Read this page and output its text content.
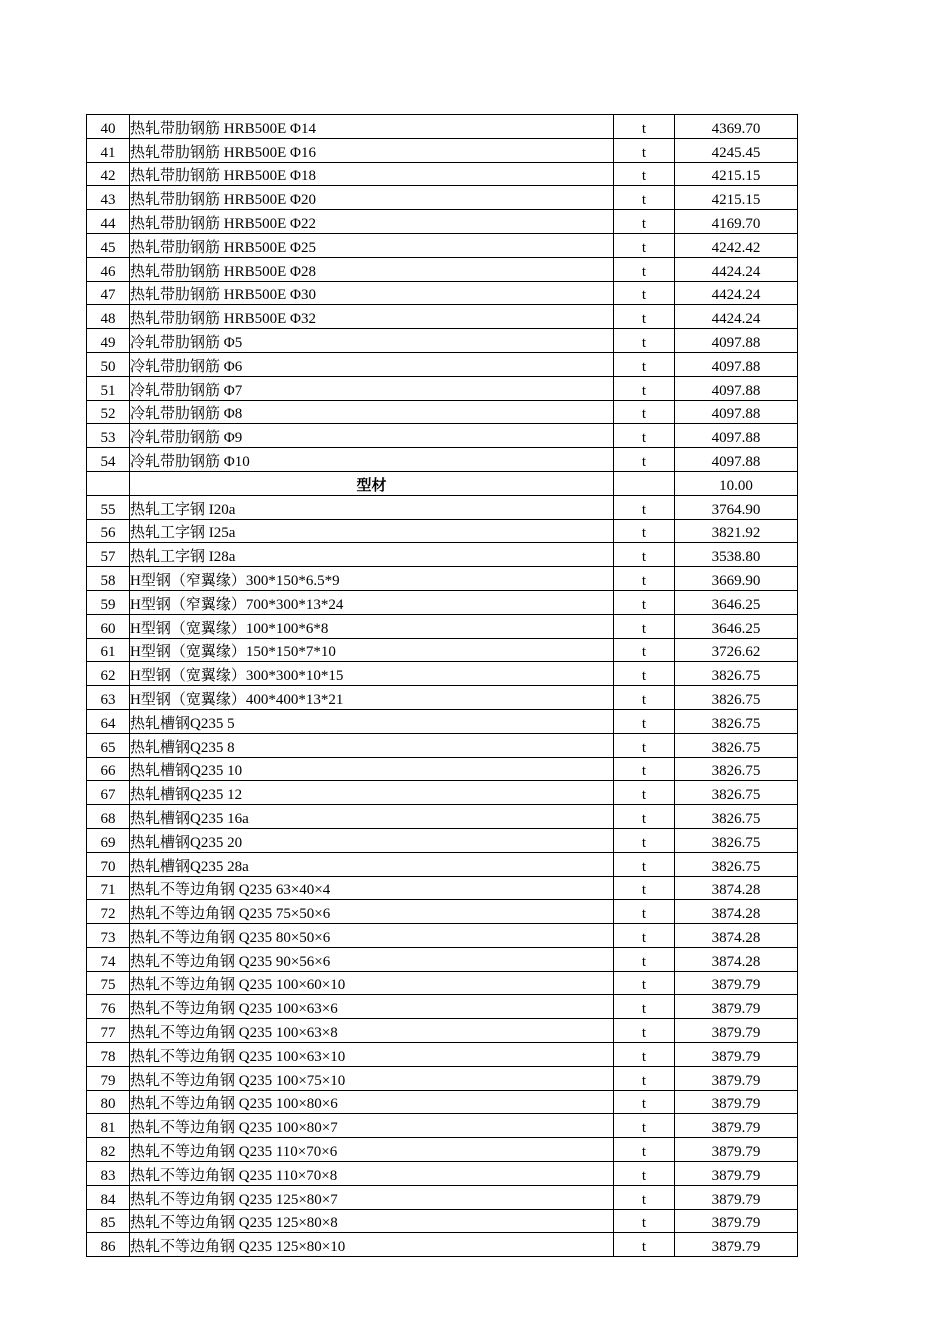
40	热轧带肋钢筋 HRB500E Φ14	t	4369.70
41	热轧带肋钢筋 HRB500E Φ16	t	4245.45
42	热轧带肋钢筋 HRB500E Φ18	t	4215.15
43	热轧带肋钢筋 HRB500E Φ20	t	4215.15
44	热轧带肋钢筋 HRB500E Φ22	t	4169.70
45	热轧带肋钢筋 HRB500E Φ25	t	4242.42
46	热轧带肋钢筋 HRB500E Φ28	t	4424.24
47	热轧带肋钢筋 HRB500E Φ30	t	4424.24
48	热轧带肋钢筋 HRB500E Φ32	t	4424.24
49	冷轧带肋钢筋 Φ5	t	4097.88
50	冷轧带肋钢筋 Φ6	t	4097.88
51	冷轧带肋钢筋 Φ7	t	4097.88
52	冷轧带肋钢筋 Φ8	t	4097.88
53	冷轧带肋钢筋 Φ9	t	4097.88
54	冷轧带肋钢筋 Φ10	t	4097.88
	型材		10.00
55	热轧工字钢 I20a	t	3764.90
56	热轧工字钢 I25a	t	3821.92
57	热轧工字钢 I28a	t	3538.80
58	H型钢（窄翼缘）300*150*6.5*9	t	3669.90
59	H型钢（窄翼缘）700*300*13*24	t	3646.25
60	H型钢（宽翼缘）100*100*6*8	t	3646.25
61	H型钢（宽翼缘）150*150*7*10	t	3726.62
62	H型钢（宽翼缘）300*300*10*15	t	3826.75
63	H型钢（宽翼缘）400*400*13*21	t	3826.75
64	热轧槽钢Q235 5	t	3826.75
65	热轧槽钢Q235 8	t	3826.75
66	热轧槽钢Q235 10	t	3826.75
67	热轧槽钢Q235 12	t	3826.75
68	热轧槽钢Q235 16a	t	3826.75
69	热轧槽钢Q235 20	t	3826.75
70	热轧槽钢Q235 28a	t	3826.75
71	热轧不等边角钢 Q235 63×40×4	t	3874.28
72	热轧不等边角钢 Q235 75×50×6	t	3874.28
73	热轧不等边角钢 Q235 80×50×6	t	3874.28
74	热轧不等边角钢 Q235 90×56×6	t	3874.28
75	热轧不等边角钢 Q235 100×60×10	t	3879.79
76	热轧不等边角钢 Q235 100×63×6	t	3879.79
77	热轧不等边角钢 Q235 100×63×8	t	3879.79
78	热轧不等边角钢 Q235 100×63×10	t	3879.79
79	热轧不等边角钢 Q235 100×75×10	t	3879.79
80	热轧不等边角钢 Q235 100×80×6	t	3879.79
81	热轧不等边角钢 Q235 100×80×7	t	3879.79
82	热轧不等边角钢 Q235 110×70×6	t	3879.79
83	热轧不等边角钢 Q235 110×70×8	t	3879.79
84	热轧不等边角钢 Q235 125×80×7	t	3879.79
85	热轧不等边角钢 Q235 125×80×8	t	3879.79
86	热轧不等边角钢 Q235 125×80×10	t	3879.79
